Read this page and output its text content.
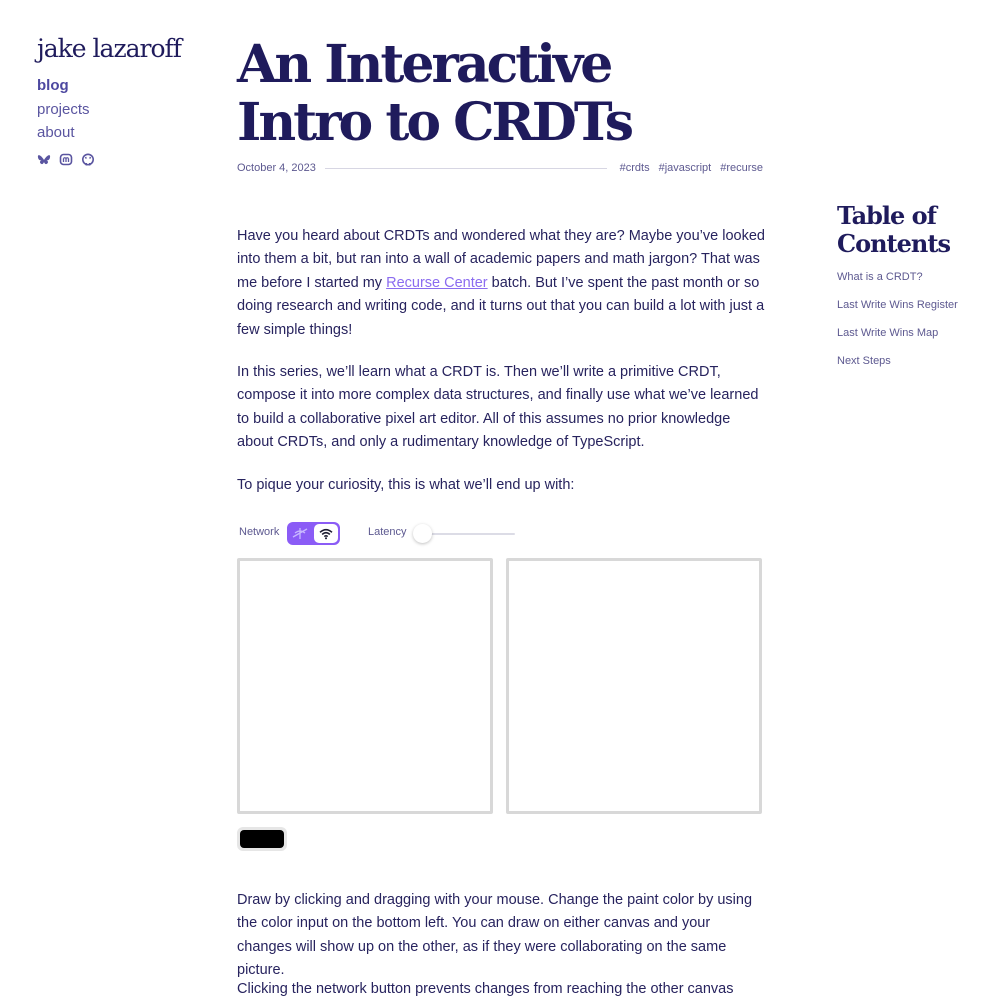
jake lazaroff
blog
projects
about
An Interactive Intro to CRDTs
October 4, 2023	#crdts #javascript #recurse
Table of Contents
What is a CRDT?
Last Write Wins Register
Last Write Wins Map
Next Steps

Have you heard about CRDTs and wondered what they are? Maybe you’ve looked into them a bit, but ran into a wall of academic papers and math jargon? That was me before I started my Recurse Center batch. But I’ve spent the past month or so doing research and writing code, and it turns out that you can build a lot with just a few simple things!

In this series, we’ll learn what a CRDT is. Then we’ll write a primitive CRDT, compose it into more complex data structures, and finally use what we’ve learned to build a collaborative pixel art editor. All of this assumes no prior knowledge about CRDTs, and only a rudimentary knowledge of TypeScript.

To pique your curiosity, this is what we’ll end up with:

Network	Latency

Draw by clicking and dragging with your mouse. Change the paint color by using the color input on the bottom left. You can draw on either canvas and your changes will show up on the other, as if they were collaborating on the same picture.

Clicking the network button prevents changes from reaching the other canvas
